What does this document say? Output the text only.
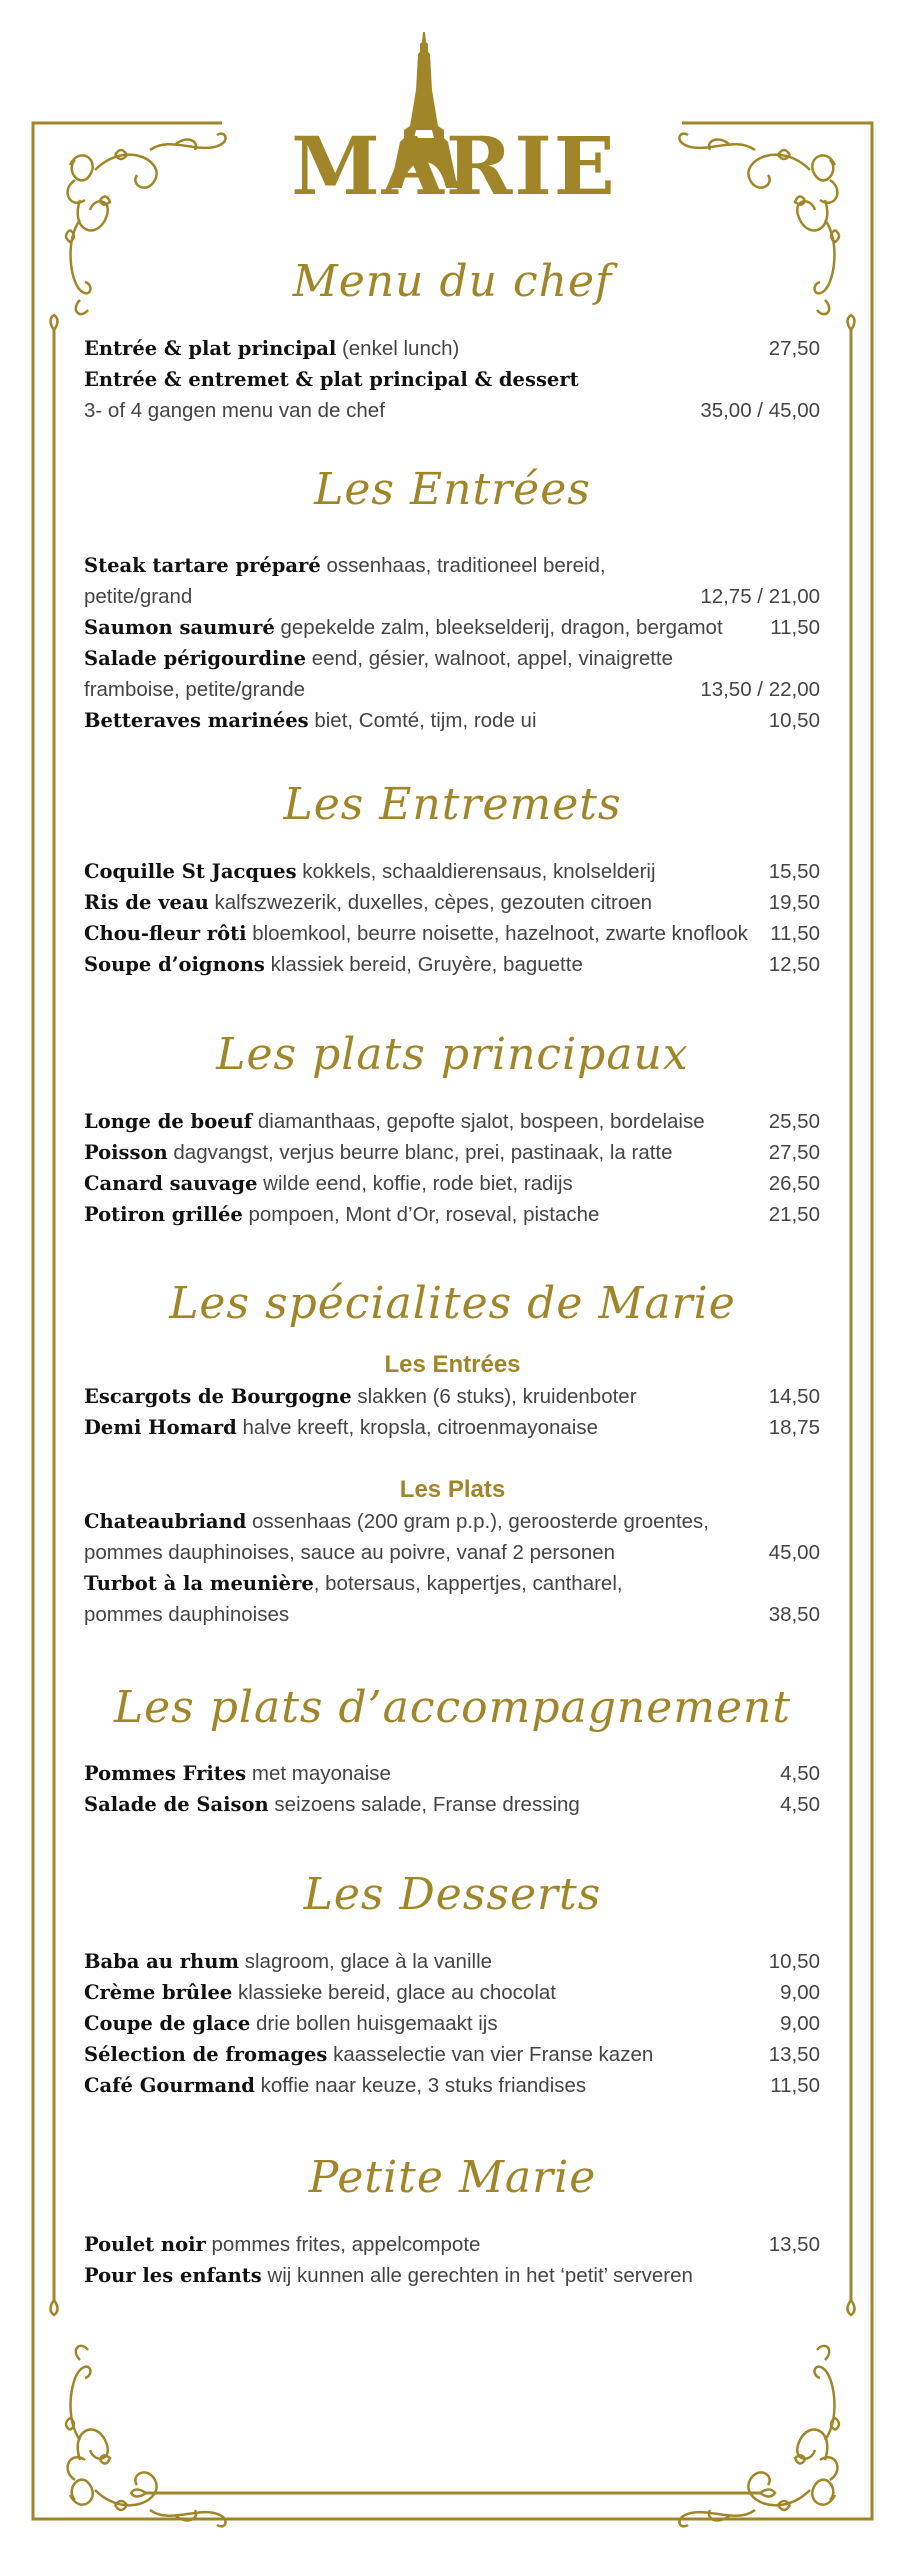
MARIE
Menu du chef
Entrée & plat principal (enkel lunch)	27,50
Entrée & entremet & plat principal & dessert
3- of 4 gangen menu van de chef	35,00 / 45,00
Les Entrées
Steak tartare préparé ossenhaas, traditioneel bereid,
petite/grand	12,75 / 21,00
Saumon saumuré gepekelde zalm, bleekselderij, dragon, bergamot 11,50
Salade périgourdine eend, gésier, walnoot, appel, vinaigrette
framboise, petite/grande	13,50 / 22,00
Betteraves marinées biet, Comté, tijm, rode ui	10,50
Les Entremets
Coquille St Jacques kokkels, schaaldierensaus, knolselderij	15,50
Ris de veau kalfszwezerik, duxelles, cèpes, gezouten citroen	19,50
Chou-fleur rôti bloemkool, beurre noisette, hazelnoot, zwarte knoflook 11,50
Soupe d’oignons klassiek bereid, Gruyère, baguette	12,50
Les plats principaux
Longe de boeuf diamanthaas, gepofte sjalot, bospeen, bordelaise	25,50
Poisson dagvangst, verjus beurre blanc, prei, pastinaak, la ratte	27,50
Canard sauvage wilde eend, koffie, rode biet, radijs	26,50
Potiron grillée pompoen, Mont d’Or, roseval, pistache	21,50
Les spécialites de Marie
Les Entrées
Escargots de Bourgogne slakken (6 stuks), kruidenboter	14,50
Demi Homard halve kreeft, kropsla, citroenmayonaise	18,75
Les Plats
Chateaubriand ossenhaas (200 gram p.p.), geroosterde groentes,
pommes dauphinoises, sauce au poivre, vanaf 2 personen	45,00
Turbot à la meunière, botersaus, kappertjes, cantharel,
pommes dauphinoises	38,50
Les plats d’accompagnement
Pommes Frites met mayonaise	4,50
Salade de Saison seizoens salade, Franse dressing	4,50
Les Desserts
Baba au rhum slagroom, glace à la vanille	10,50
Crème brûlee klassieke bereid, glace au chocolat	9,00
Coupe de glace drie bollen huisgemaakt ijs	9,00
Sélection de fromages kaasselectie van vier Franse kazen	13,50
Café Gourmand koffie naar keuze, 3 stuks friandises	11,50
Petite Marie
Poulet noir pommes frites, appelcompote	13,50
Pour les enfants wij kunnen alle gerechten in het ‘petit’ serveren
